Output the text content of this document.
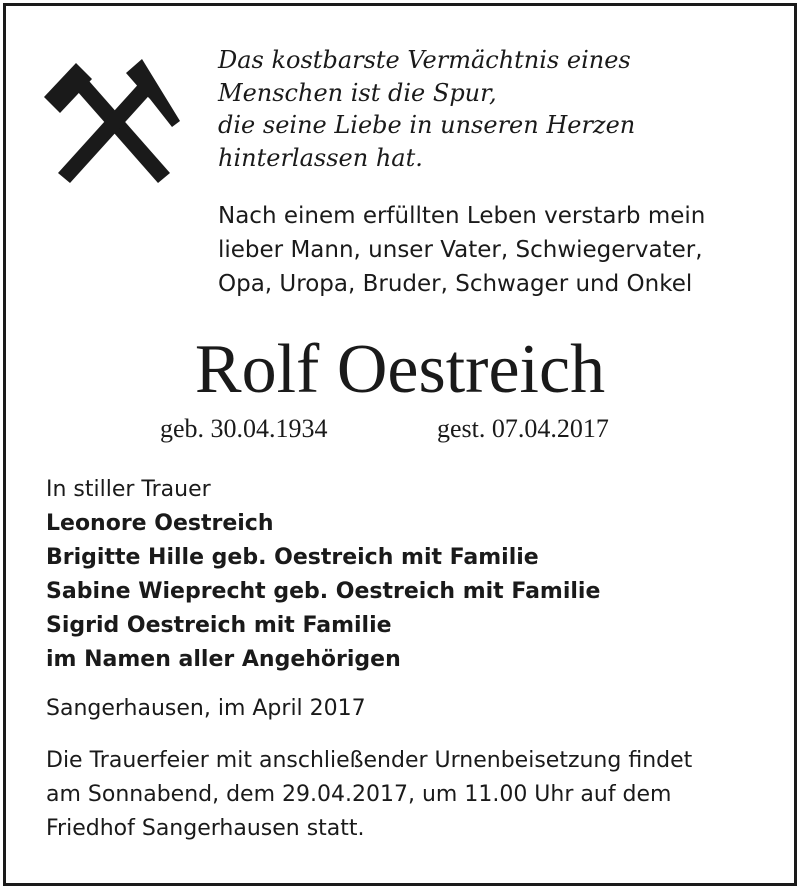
Das kostbarste Vermächtnis eines
Menschen ist die Spur,
die seine Liebe in unseren Herzen
hinterlassen hat.
Nach einem erfüllten Leben verstarb mein
lieber Mann, unser Vater, Schwiegervater,
Opa, Uropa, Bruder, Schwager und Onkel
Rolf Oestreich
geb. 30.04.1934	gest. 07.04.2017
In stiller Trauer
Leonore Oestreich
Brigitte Hille geb. Oestreich mit Familie
Sabine Wieprecht geb. Oestreich mit Familie
Sigrid Oestreich mit Familie
im Namen aller Angehörigen
Sangerhausen, im April 2017
Die Trauerfeier mit anschließender Urnenbeisetzung findet
am Sonnabend, dem 29.04.2017, um 11.00 Uhr auf dem
Friedhof Sangerhausen statt.
